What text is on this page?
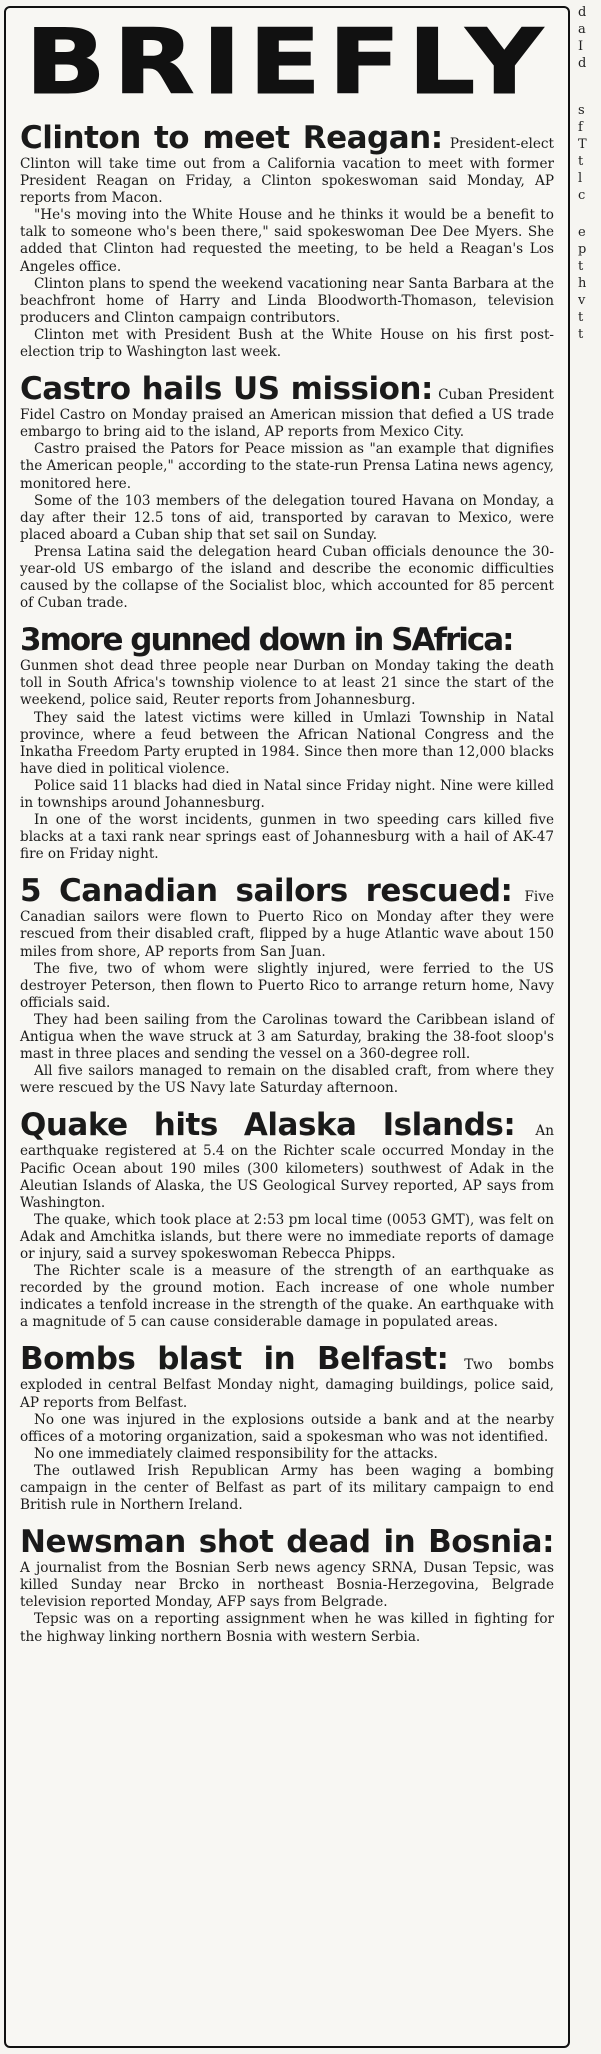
BRIEFLY

Clinton to meet Reagan: President-elect Clinton will take time out from a California vacation to meet with former President Reagan on Friday, a Clinton spokeswoman said Monday, AP reports from Macon.

"He's moving into the White House and he thinks it would be a benefit to talk to someone who's been there," said spokeswoman Dee Dee Myers. She added that Clinton had requested the meeting, to be held a Reagan's Los Angeles office.

Clinton plans to spend the weekend vacationing near Santa Barbara at the beachfront home of Harry and Linda Bloodworth-Thomason, television producers and Clinton campaign contributors.

Clinton met with President Bush at the White House on his first post-election trip to Washington last week.

Castro hails US mission: Cuban President Fidel Castro on Monday praised an American mission that defied a US trade embargo to bring aid to the island, AP reports from Mexico City.

Castro praised the Pators for Peace mission as "an example that dignifies the American people," according to the state-run Prensa Latina news agency, monitored here.

Some of the 103 members of the delegation toured Havana on Monday, a day after their 12.5 tons of aid, transported by caravan to Mexico, were placed aboard a Cuban ship that set sail on Sunday.

Prensa Latina said the delegation heard Cuban officials denounce the 30-year-old US embargo of the island and describe the economic difficulties caused by the collapse of the Socialist bloc, which accounted for 85 percent of Cuban trade.

3more gunned down in SAfrica:
Gunmen shot dead three people near Durban on Monday taking the death toll in South Africa's township violence to at least 21 since the start of the weekend, police said, Reuter reports from Johannesburg.

They said the latest victims were killed in Umlazi Township in Natal province, where a feud between the African National Congress and the Inkatha Freedom Party erupted in 1984. Since then more than 12,000 blacks have died in political violence.

Police said 11 blacks had died in Natal since Friday night. Nine were killed in townships around Johannesburg.

In one of the worst incidents, gunmen in two speeding cars killed five blacks at a taxi rank near springs east of Johannesburg with a hail of AK-47 fire on Friday night.

5 Canadian sailors rescued: Five Canadian sailors were flown to Puerto Rico on Monday after they were rescued from their disabled craft, flipped by a huge Atlantic wave about 150 miles from shore, AP reports from San Juan.

The five, two of whom were slightly injured, were ferried to the US destroyer Peterson, then flown to Puerto Rico to arrange return home, Navy officials said.

They had been sailing from the Carolinas toward the Caribbean island of Antigua when the wave struck at 3 am Saturday, braking the 38-foot sloop's mast in three places and sending the vessel on a 360-degree roll.

All five sailors managed to remain on the disabled craft, from where they were rescued by the US Navy late Saturday afternoon.

Quake hits Alaska Islands: An earthquake registered at 5.4 on the Richter scale occurred Monday in the Pacific Ocean about 190 miles (300 kilometers) southwest of Adak in the Aleutian Islands of Alaska, the US Geological Survey reported, AP says from Washington.

The quake, which took place at 2:53 pm local time (0053 GMT), was felt on Adak and Amchitka islands, but there were no immediate reports of damage or injury, said a survey spokeswoman Rebecca Phipps.

The Richter scale is a measure of the strength of an earthquake as recorded by the ground motion. Each increase of one whole number indicates a tenfold increase in the strength of the quake. An earthquake with a magnitude of 5 can cause considerable damage in populated areas.

Bombs blast in Belfast: Two bombs exploded in central Belfast Monday night, damaging buildings, police said, AP reports from Belfast.

No one was injured in the explosions outside a bank and at the nearby offices of a motoring organization, said a spokesman who was not identified.

No one immediately claimed responsibility for the attacks.

The outlawed Irish Republican Army has been waging a bombing campaign in the center of Belfast as part of its military campaign to end British rule in Northern Ireland.

Newsman shot dead in Bosnia: A journalist from the Bosnian Serb news agency SRNA, Dusan Tepsic, was killed Sunday near Brcko in northeast Bosnia-Herzegovina, Belgrade television reported Monday, AFP says from Belgrade.

Tepsic was on a reporting assignment when he was killed in fighting for the highway linking northern Bosnia with western Serbia.

d
a
I
d
s
f
T
t
l
c
e
p
t
h
v
t
t
